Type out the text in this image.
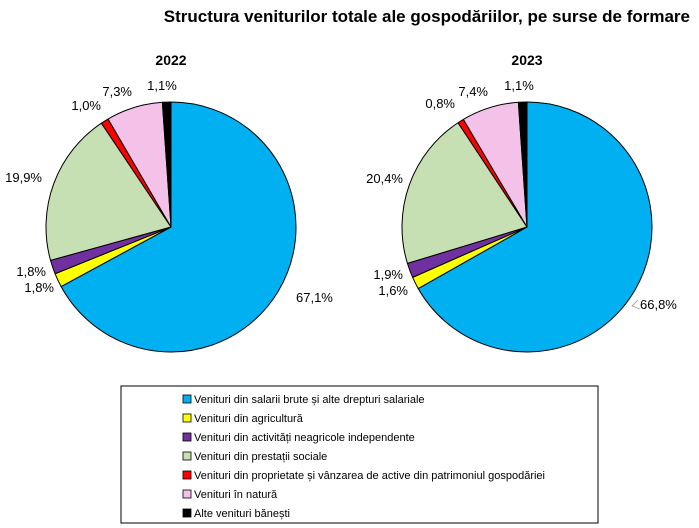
Structura veniturilor totale ale gospodăriilor, pe surse de formare
2022
67,1%
1,8%
1,8%
19,9%
1,0%
7,3% 1,1%
2023
66,8%
1,6%
1,9%
20,4%
0,8%
7,4% 1,1%
Venituri din salarii brute și alte drepturi salariale
Venituri din agricultură
Venituri din activități neagricole independente
Venituri din prestații sociale
Venituri din proprietate și vânzarea de active din patrimoniul gospodăriei
Venituri în natură
Alte venituri bănești
